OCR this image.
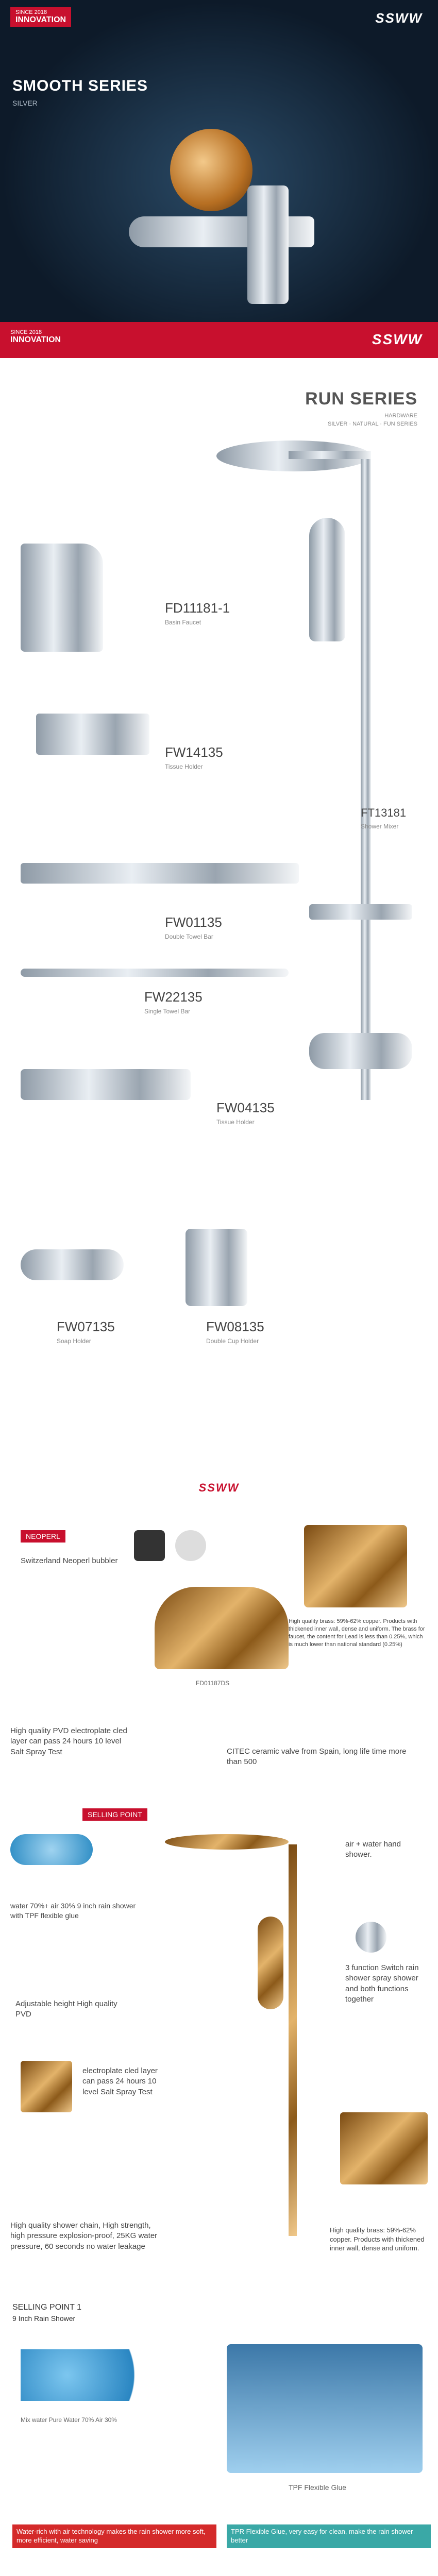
SINCE 2018
INNOVATION	SSWW
SMOOTH SERIES
SILVER
SINCE 2018
INNOVATION	SSWW
RUN SERIES
HARDWARE
SILVER · NATURAL · FUN SERIES
FT13181
Shower Mixer
FD11181-1
Basin Faucet
FW14135
Tissue Holder
FW01135
Double Towel Bar
FW22135
Single Towel Bar
FW04135
Tissue Holder
FW07135
Soap Holder
FW08135
Double Cup Holder
SSWW
NEOPERL
Switzerland Neoperl bubbler
High quality brass: 59%-62% copper. Products with thickened inner wall, dense and uniform. The brass for faucet, the content for Lead is less than 0.25%, which is much lower than national standard (0.25%)
FD01187DS
High quality PVD electroplate cled layer can pass 24 hours 10 level Salt Spray Test	CITEC ceramic valve from Spain, long life time more than 500
SELLING POINT
water 70%+ air 30% 9 inch rain shower with TPF flexible glue
air + water hand shower.
3 function Switch rain shower spray shower and both functions together
Adjustable height High quality PVD
electroplate cled layer can pass 24 hours 10 level Salt Spray Test
High quality shower chain, High strength, high pressure explosion-proof, 25KG water pressure, 60 seconds no water leakage
High quality brass: 59%-62% copper. Products with thickened inner wall, dense and uniform.
SELLING POINT 1
9 Inch Rain Shower
Mix water Pure Water 70% Air 30%
TPF Flexible Glue
Water-rich with air technology makes the rain shower more soft, more efficient, water saving
TPR Flexible Glue, very easy for clean, make the rain shower better
